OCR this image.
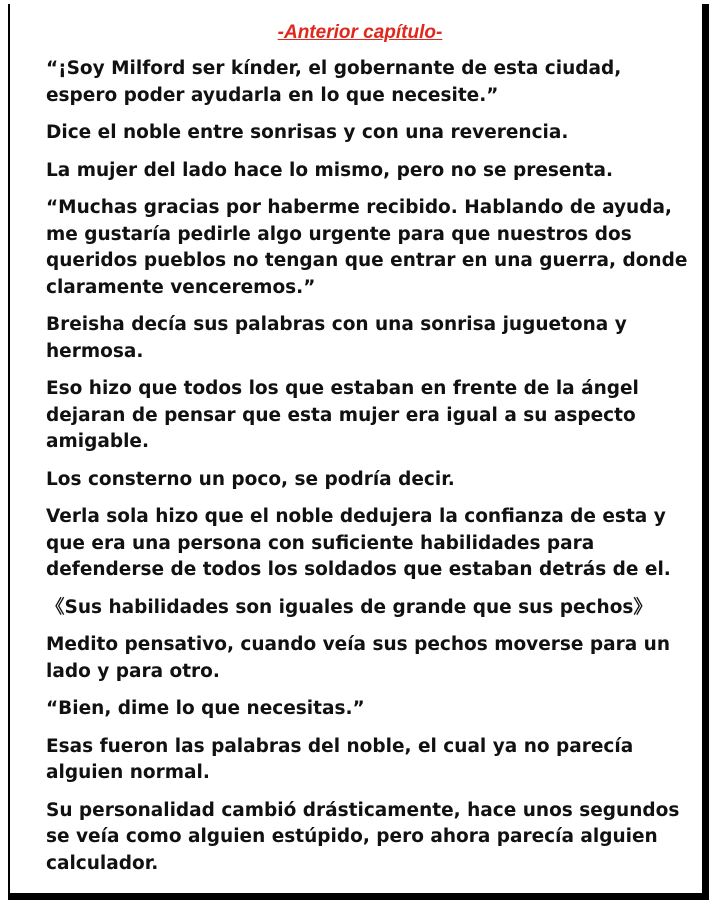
-Anterior capítulo-

“¡Soy Milford ser kínder, el gobernante de esta ciudad,
espero poder ayudarla en lo que necesite.”

Dice el noble entre sonrisas y con una reverencia.

La mujer del lado hace lo mismo, pero no se presenta.

“Muchas gracias por haberme recibido. Hablando de ayuda,
me gustaría pedirle algo urgente para que nuestros dos
queridos pueblos no tengan que entrar en una guerra, donde
claramente venceremos.”

Breisha decía sus palabras con una sonrisa juguetona y
hermosa.

Eso hizo que todos los que estaban en frente de la ángel
dejaran de pensar que esta mujer era igual a su aspecto
amigable.

Los consterno un poco, se podría decir.

Verla sola hizo que el noble dedujera la confianza de esta y
que era una persona con suficiente habilidades para
defenderse de todos los soldados que estaban detrás de el.

《Sus habilidades son iguales de grande que sus pechos》

Medito pensativo, cuando veía sus pechos moverse para un
lado y para otro.

“Bien, dime lo que necesitas.”

Esas fueron las palabras del noble, el cual ya no parecía
alguien normal.

Su personalidad cambió drásticamente, hace unos segundos
se veía como alguien estúpido, pero ahora parecía alguien
calculador.
